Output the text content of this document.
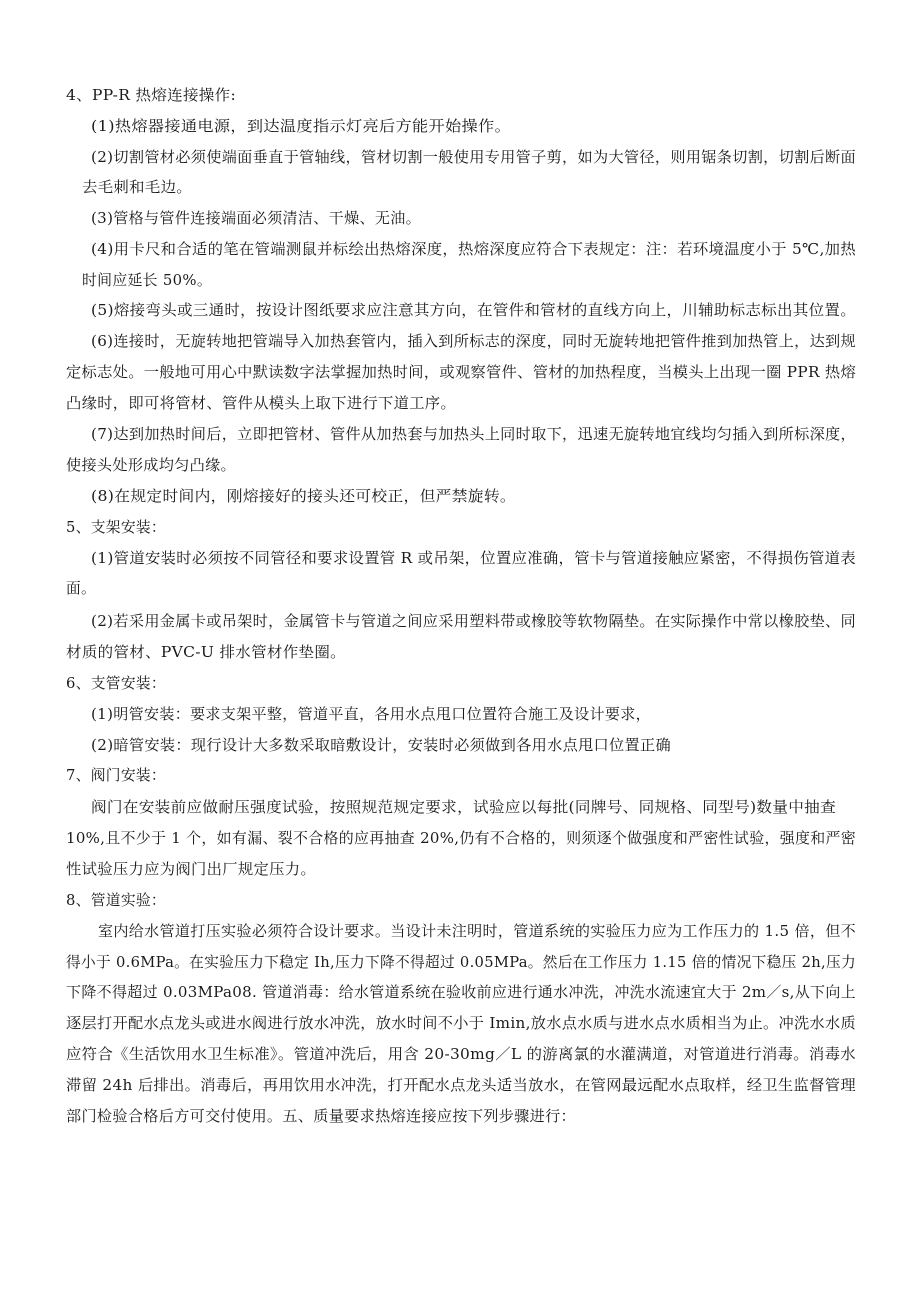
4、PP-R 热熔连接操作:
(1)热熔器接通电源，到达温度指示灯亮后方能开始操作。
(2)切割管材必须使端面垂直于管轴线，管材切割一般使用专用管子剪，如为大管径，则用锯条切割，切割后断面
去毛刺和毛边。
(3)管格与管件连接端面必须清洁、干燥、无油。
(4)用卡尺和合适的笔在管端测鼠并标绘出热熔深度，热熔深度应符合下表规定：注：若环境温度小于 5℃,加热
时间应延长 50%。
(5)熔接弯头或三通时，按设计图纸要求应注意其方向，在管件和管材的直线方向上，川辅助标志标出其位置。
(6)连接时，无旋转地把管端导入加热套管内，插入到所标志的深度，同时无旋转地把管件推到加热管上，达到规
定标志处。一般地可用心中默读数字法掌握加热时间，或观察管件、管材的加热程度，当模头上出现一圈 PPR 热熔
凸缘时，即可将管材、管件从模头上取下进行下道工序。
(7)达到加热时间后，立即把管材、管件从加热套与加热头上同时取下，迅速无旋转地宜线均匀插入到所标深度，
使接头处形成均匀凸缘。
(8)在规定时间内，刚熔接好的接头还可校正，但严禁旋转。
5、支架安装：
(1)管道安装时必须按不同管径和要求设置管 R 或吊架，位置应准确，管卡与管道接触应紧密，不得损伤管道表
面。
(2)若采用金属卡或吊架时，金属管卡与管道之间应采用塑料带或橡胶等软物隔垫。在实际操作中常以橡胶垫、同
材质的管材、PVC-U 排水管材作垫圈。
6、支管安装：
(1)明管安装：要求支架平整，管道平直，各用水点甩口位置符合施工及设计要求，
(2)暗管安装：现行设计大多数采取暗敷设计，安装时必须做到各用水点甩口位置正确
7、阀门安装：
阀门在安装前应做耐压强度试验，按照规范规定要求，试验应以每批(同牌号、同规格、同型号)数量中抽查
10%,且不少于 1 个，如有漏、裂不合格的应再抽查 20%,仍有不合格的，则须逐个做强度和严密性试验，强度和严密
性试验压力应为阀门出厂规定压力。
8、管道实验：
室内给水管道打压实验必须符合设计要求。当设计未注明时，管道系统的实验压力应为工作压力的 1.5 倍，但不
得小于 0.6MPa。在实验压力下稳定 Ih,压力下降不得超过 0.05MPa。然后在工作压力 1.15 倍的情况下稳压 2h,压力
下降不得超过 0.03MPa08. 管道消毒：给水管道系统在验收前应进行通水冲洗，冲洗水流速宜大于 2m／s,从下向上
逐层打开配水点龙头或进水阀进行放水冲洗，放水时间不小于 Imin,放水点水质与进水点水质相当为止。冲洗水水质
应符合《生活饮用水卫生标准》。管道冲洗后，用含 20-30mg／L 的游离氯的水灌满道，对管道进行消毒。消毒水
滞留 24h 后排出。消毒后，再用饮用水冲洗，打开配水点龙头适当放水，在管网最远配水点取样，经卫生监督管理
部门检验合格后方可交付使用。五、质量要求热熔连接应按下列步骤进行：
